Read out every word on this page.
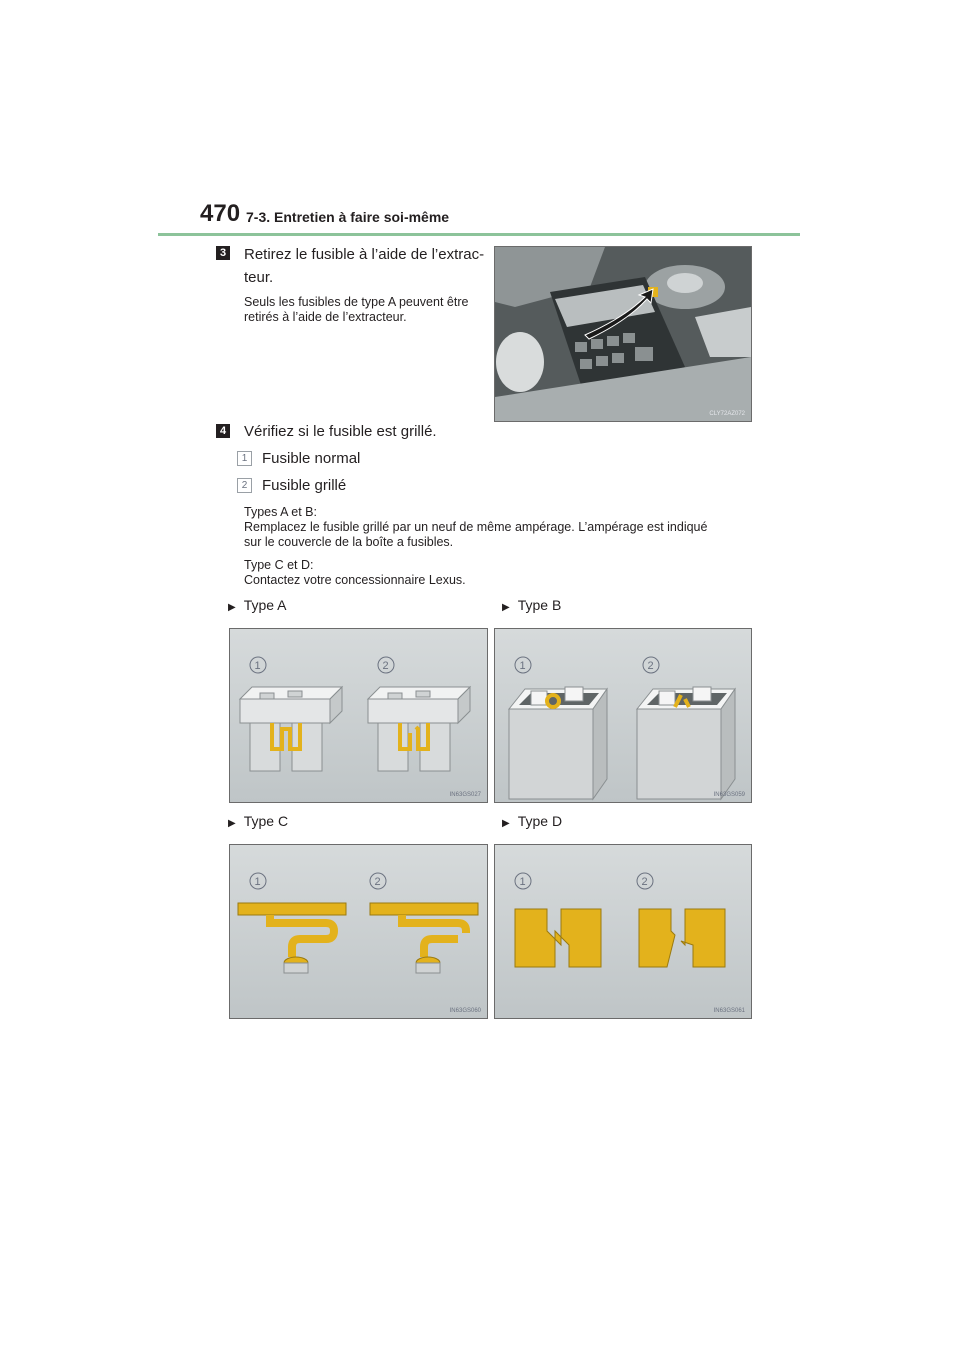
470 7-3. Entretien à faire soi-même
3 Retirez le fusible à l’aide de l’extrac-
teur.
Seuls les fusibles de type A peuvent être
retirés à l’aide de l’extracteur.
CLY72AZ072
4 Vérifiez si le fusible est grillé.
1 Fusible normal
2 Fusible grillé
Types A et B:
Remplacez le fusible grillé par un neuf de même ampérage. L’ampérage est indiqué
sur le couvercle de la boîte a fusibles.
Type C et D:
Contactez votre concessionnaire Lexus.
▶ Type A	▶ Type B
1	2
IN63GS027
1	2
IN63GS059
▶ Type C	▶ Type D
1	2
IN63GS060
1	2
IN63GS061
